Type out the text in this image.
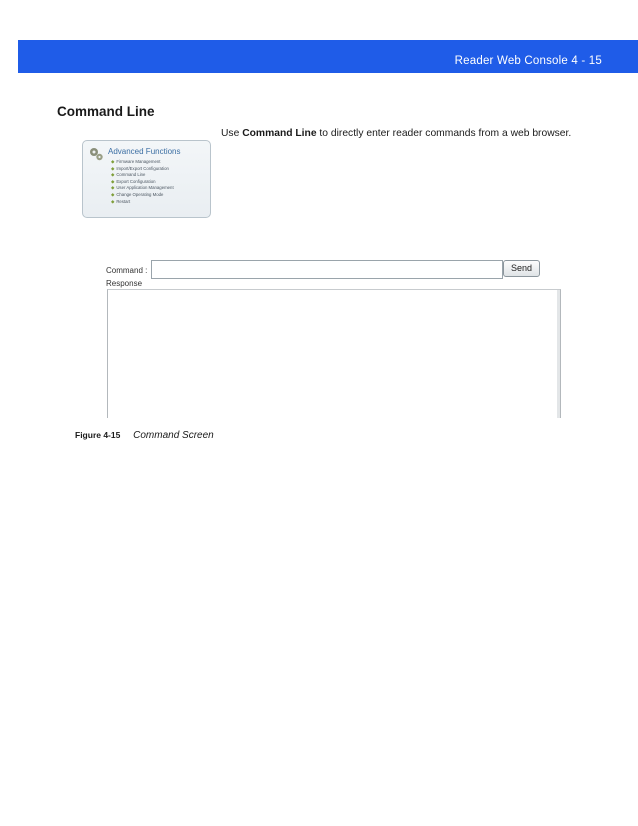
Reader Web Console 4 - 15
Command Line
Use Command Line to directly enter reader commands from a web browser.
Advanced Functions
◆ Firmware Management
◆ Import/Export Configuration
◆ Command Line
◆ Export Configuration
◆ User Application Management
◆ Change Operating Mode
◆ Restart
Command :	Send
Response
Figure 4-15 Command Screen
